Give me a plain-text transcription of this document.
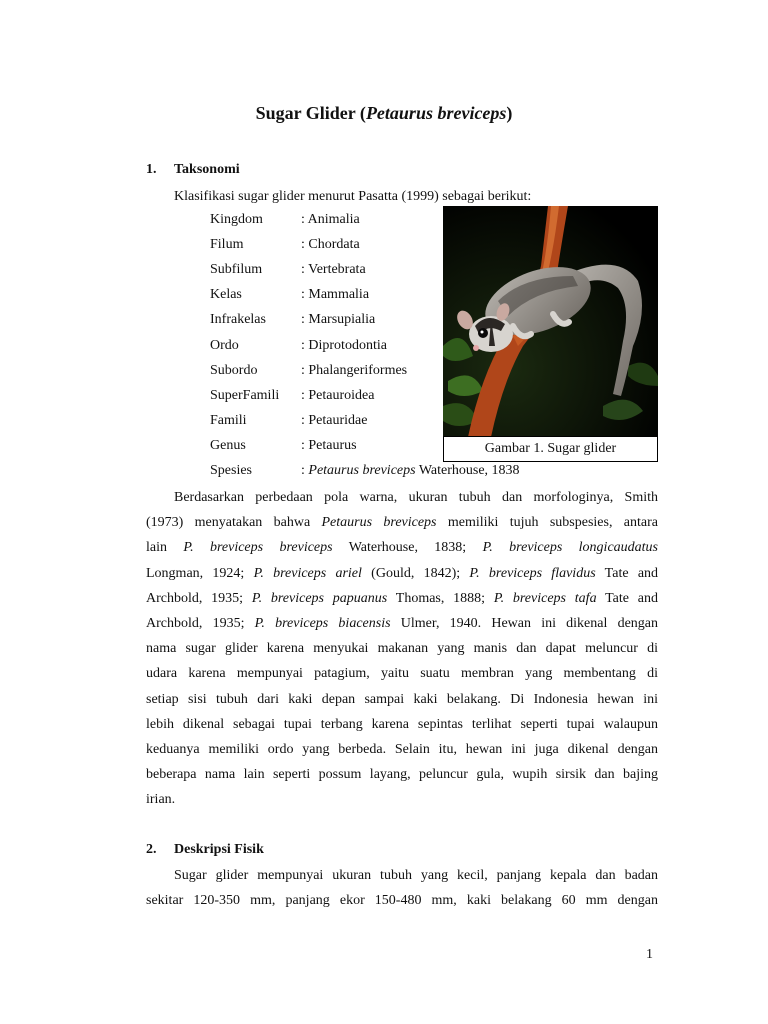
Sugar Glider (Petaurus breviceps)
1. Taksonomi
Klasifikasi sugar glider menurut Pasatta (1999) sebagai berikut:
Kingdom	: Animalia
Filum	: Chordata
Subfilum	: Vertebrata
Kelas	: Mammalia
Infrakelas	: Marsupialia
Ordo	: Diprotodontia
Subordo	: Phalangeriformes
SuperFamili : Petauroidea
Famili	: Petauridae
Genus	: Petaurus
Spesies	: Petaurus breviceps Waterhouse, 1838
Gambar 1. Sugar glider
Berdasarkan perbedaan pola warna, ukuran tubuh dan morfologinya, Smith
(1973) menyatakan bahwa Petaurus breviceps memiliki tujuh subspesies, antara
lain P. breviceps breviceps Waterhouse, 1838; P. breviceps longicaudatus
Longman, 1924; P. breviceps ariel (Gould, 1842); P. breviceps flavidus Tate and
Archbold, 1935; P. breviceps papuanus Thomas, 1888; P. breviceps tafa Tate and
Archbold, 1935; P. breviceps biacensis Ulmer, 1940. Hewan ini dikenal dengan
nama sugar glider karena menyukai makanan yang manis dan dapat meluncur di
udara karena mempunyai patagium, yaitu suatu membran yang membentang di
setiap sisi tubuh dari kaki depan sampai kaki belakang. Di Indonesia hewan ini
lebih dikenal sebagai tupai terbang karena sepintas terlihat seperti tupai walaupun
keduanya memiliki ordo yang berbeda. Selain itu, hewan ini juga dikenal dengan
beberapa nama lain seperti possum layang, peluncur gula, wupih sirsik dan bajing
irian.
2. Deskripsi Fisik
Sugar glider mempunyai ukuran tubuh yang kecil, panjang kepala dan badan
sekitar 120-350 mm, panjang ekor 150-480 mm, kaki belakang 60 mm dengan
1
